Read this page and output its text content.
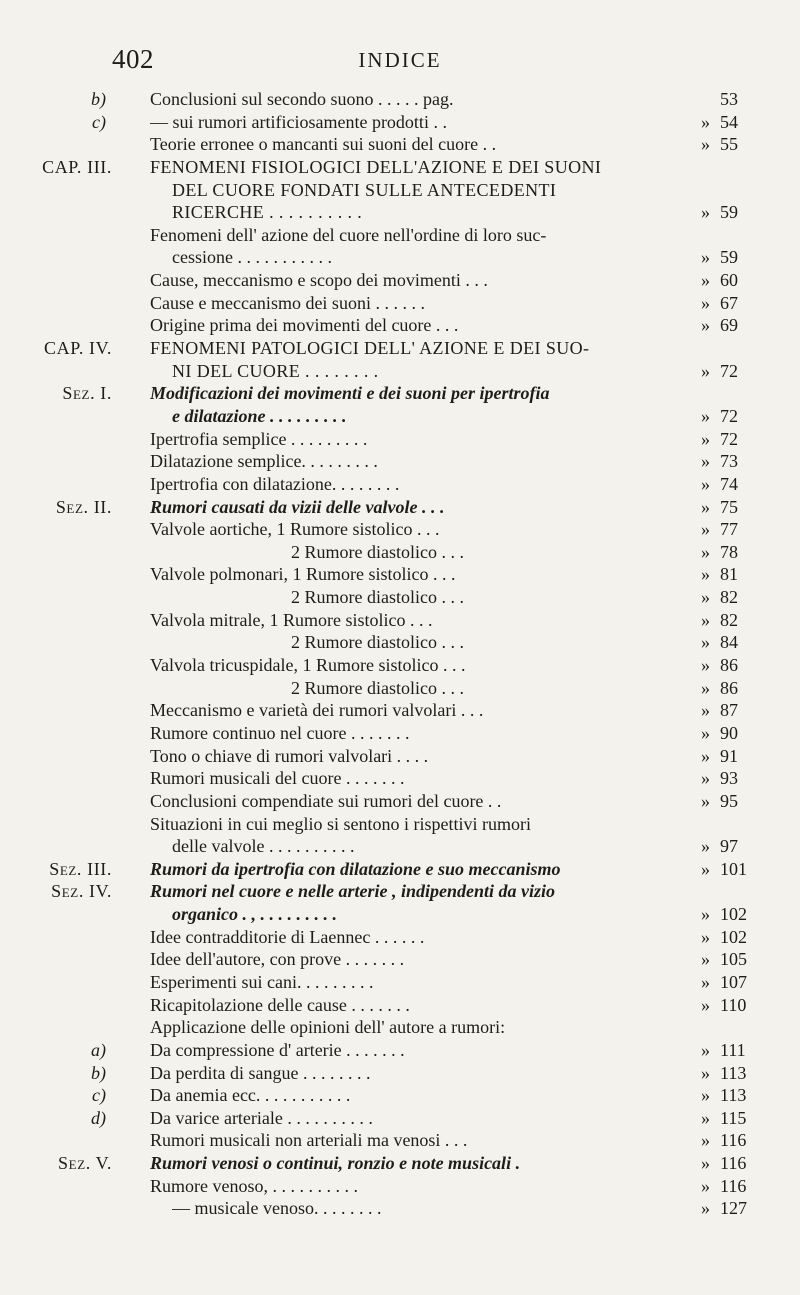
402	INDICE
b) Conclusioni sul secondo suono . . . . . pag.	53
c) — sui rumori artificiosamente prodotti . .	» 54
Teorie erronee o mancanti sui suoni del cuore . .	» 55
CAP. III. FENOMENI FISIOLOGICI DELL'AZIONE E DEI SUONI
DEL CUORE FONDATI SULLE ANTECEDENTI
RICERCHE . . . . . . . . . .	» 59
Fenomeni dell' azione del cuore nell'ordine di loro suc-
cessione . . . . . . . . . . .	» 59
Cause, meccanismo e scopo dei movimenti . . .	» 60
Cause e meccanismo dei suoni . . . . . .	» 67
Origine prima dei movimenti del cuore . . .	» 69
CAP. IV. FENOMENI PATOLOGICI DELL' AZIONE E DEI SUO-
NI DEL CUORE . . . . . . . .	» 72
Sez. I. Modificazioni dei movimenti e dei suoni per ipertrofia
e dilatazione . . . . . . . . .	» 72
Ipertrofia semplice . . . . . . . . .	» 72
Dilatazione semplice. . . . . . . . .	» 73
Ipertrofia con dilatazione. . . . . . . .	» 74
Sez. II. Rumori causati da vizii delle valvole . . .	» 75
Valvole aortiche, 1 Rumore sistolico . . .	» 77
2 Rumore diastolico . . .	» 78
Valvole polmonari, 1 Rumore sistolico . . .	» 81
2 Rumore diastolico . . .	» 82
Valvola mitrale, 1 Rumore sistolico . . .	» 82
2 Rumore diastolico . . .	» 84
Valvola tricuspidale, 1 Rumore sistolico . . .	» 86
2 Rumore diastolico . . .	» 86
Meccanismo e varietà dei rumori valvolari . . .	» 87
Rumore continuo nel cuore . . . . . . .	» 90
Tono o chiave di rumori valvolari . . . .	» 91
Rumori musicali del cuore . . . . . . .	» 93
Conclusioni compendiate sui rumori del cuore . .	» 95
Situazioni in cui meglio si sentono i rispettivi rumori
delle valvole . . . . . . . . . .	» 97
Sez. III. Rumori da ipertrofia con dilatazione e suo meccanismo	» 101
Sez. IV. Rumori nel cuore e nelle arterie , indipendenti da vizio
organico . , . . . . . . . . .	» 102
Idee contradditorie di Laennec . . . . . .	» 102
Idee dell'autore, con prove . . . . . . .	» 105
Esperimenti sui cani. . . . . . . . .	» 107
Ricapitolazione delle cause . . . . . . .	» 110
Applicazione delle opinioni dell' autore a rumori:
a) Da compressione d' arterie . . . . . . .	» 111
b) Da perdita di sangue . . . . . . . .	» 113
c) Da anemia ecc. . . . . . . . . . .	» 113
d) Da varice arteriale . . . . . . . . . .	» 115
Rumori musicali non arteriali ma venosi . . .	» 116
Sez. V. Rumori venosi o continui, ronzio e note musicali .	» 116
Rumore venoso, . . . . . . . . . .	» 116
— musicale venoso. . . . . . . .	» 127
